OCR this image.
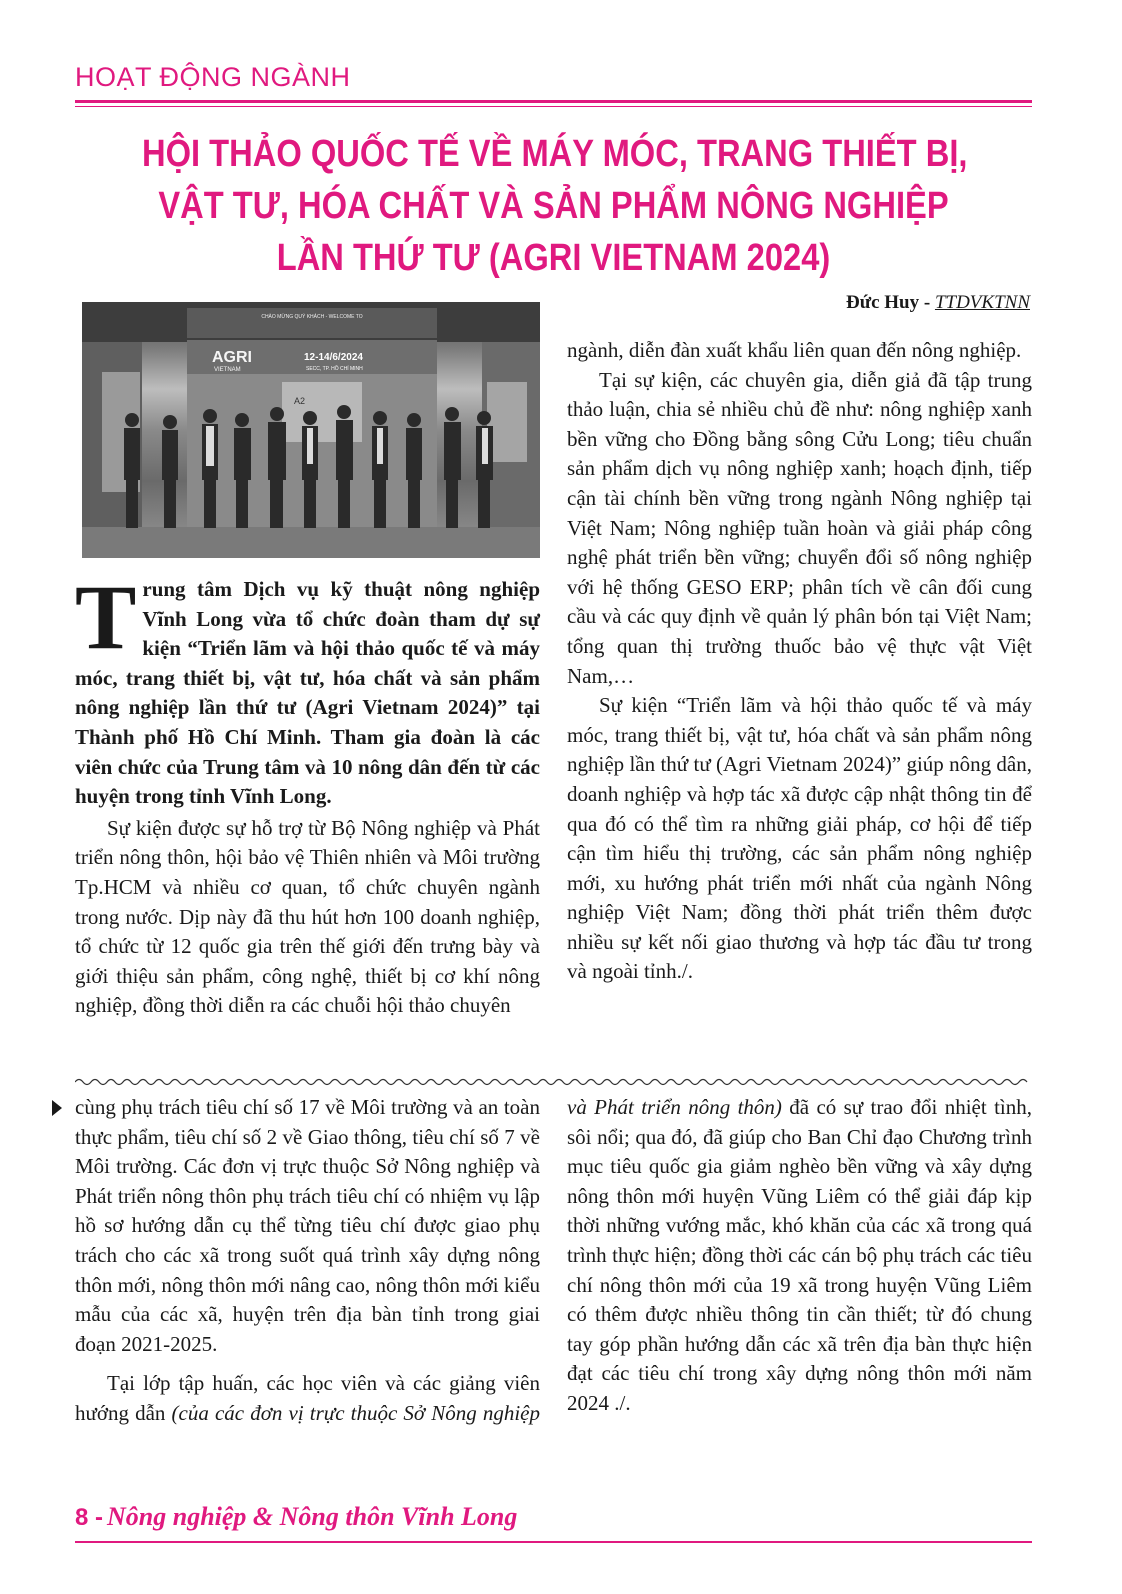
HOẠT ĐỘNG NGÀNH
HỘI THẢO QUỐC TẾ VỀ MÁY MÓC, TRANG THIẾT BỊ,
VẬT TƯ, HÓA CHẤT VÀ SẢN PHẨM NÔNG NGHIỆP
LẦN THỨ TƯ (AGRI VIETNAM 2024)
Đức Huy - TTDVKTNN
CHÀO MỪNG QUÝ KHÁCH - WELCOME TO
AGRI
VIETNAM
12-14/6/2024
SECC, TP. HỒ CHÍ MINH
A2

Trung tâm Dịch vụ kỹ thuật nông nghiệp Vĩnh Long vừa tổ chức đoàn tham dự sự kiện “Triển lãm và hội thảo quốc tế và máy móc, trang thiết bị, vật tư, hóa chất và sản phẩm nông nghiệp lần thứ tư (Agri Vietnam 2024)” tại Thành phố Hồ Chí Minh. Tham gia đoàn là các viên chức của Trung tâm và 10 nông dân đến từ các huyện trong tỉnh Vĩnh Long.

Sự kiện được sự hỗ trợ từ Bộ Nông nghiệp và Phát triển nông thôn, hội bảo vệ Thiên nhiên và Môi trường Tp.HCM và nhiều cơ quan, tổ chức chuyên ngành trong nước. Dịp này đã thu hút hơn 100 doanh nghiệp, tổ chức từ 12 quốc gia trên thế giới đến trưng bày và giới thiệu sản phẩm, công nghệ, thiết bị cơ khí nông nghiệp, đồng thời diễn ra các chuỗi hội thảo chuyên

ngành, diễn đàn xuất khẩu liên quan đến nông nghiệp.

Tại sự kiện, các chuyên gia, diễn giả đã tập trung thảo luận, chia sẻ nhiều chủ đề như: nông nghiệp xanh bền vững cho Đồng bằng sông Cửu Long; tiêu chuẩn sản phẩm dịch vụ nông nghiệp xanh; hoạch định, tiếp cận tài chính bền vững trong ngành Nông nghiệp tại Việt Nam; Nông nghiệp tuần hoàn và giải pháp công nghệ phát triển bền vững; chuyển đổi số nông nghiệp với hệ thống GESO ERP; phân tích về cân đối cung cầu và các quy định về quản lý phân bón tại Việt Nam; tổng quan thị trường thuốc bảo vệ thực vật Việt Nam,…

Sự kiện “Triển lãm và hội thảo quốc tế và máy móc, trang thiết bị, vật tư, hóa chất và sản phẩm nông nghiệp lần thứ tư (Agri Vietnam 2024)” giúp nông dân, doanh nghiệp và hợp tác xã được cập nhật thông tin để qua đó có thể tìm ra những giải pháp, cơ hội để tiếp cận tìm hiểu thị trường, các sản phẩm nông nghiệp mới, xu hướng phát triển mới nhất của ngành Nông nghiệp Việt Nam; đồng thời phát triển thêm được nhiều sự kết nối giao thương và hợp tác đầu tư trong và ngoài tỉnh./.

cùng phụ trách tiêu chí số 17 về Môi trường và an toàn thực phẩm, tiêu chí số 2 về Giao thông, tiêu chí số 7 về Môi trường. Các đơn vị trực thuộc Sở Nông nghiệp và Phát triển nông thôn phụ trách tiêu chí có nhiệm vụ lập hồ sơ hướng dẫn cụ thể từng tiêu chí được giao phụ trách cho các xã trong suốt quá trình xây dựng nông thôn mới, nông thôn mới nâng cao, nông thôn mới kiểu mẫu của các xã, huyện trên địa bàn tỉnh trong giai đoạn 2021-2025.

Tại lớp tập huấn, các học viên và các giảng viên hướng dẫn (của các đơn vị trực thuộc Sở Nông nghiệp và Phát triển nông thôn) đã có sự trao đổi nhiệt tình, sôi nổi; qua đó, đã giúp cho Ban Chỉ đạo Chương trình mục tiêu quốc gia giảm nghèo bền vững và xây dựng nông thôn mới huyện Vũng Liêm có thể giải đáp kịp thời những vướng mắc, khó khăn của các xã trong quá trình thực hiện; đồng thời các cán bộ phụ trách các tiêu chí nông thôn mới của 19 xã trong huyện Vũng Liêm có thêm được nhiều thông tin cần thiết; từ đó chung tay góp phần hướng dẫn các xã trên địa bàn thực hiện đạt các tiêu chí trong xây dựng nông thôn mới năm 2024 ./.

8 - Nông nghiệp & Nông thôn Vĩnh Long
